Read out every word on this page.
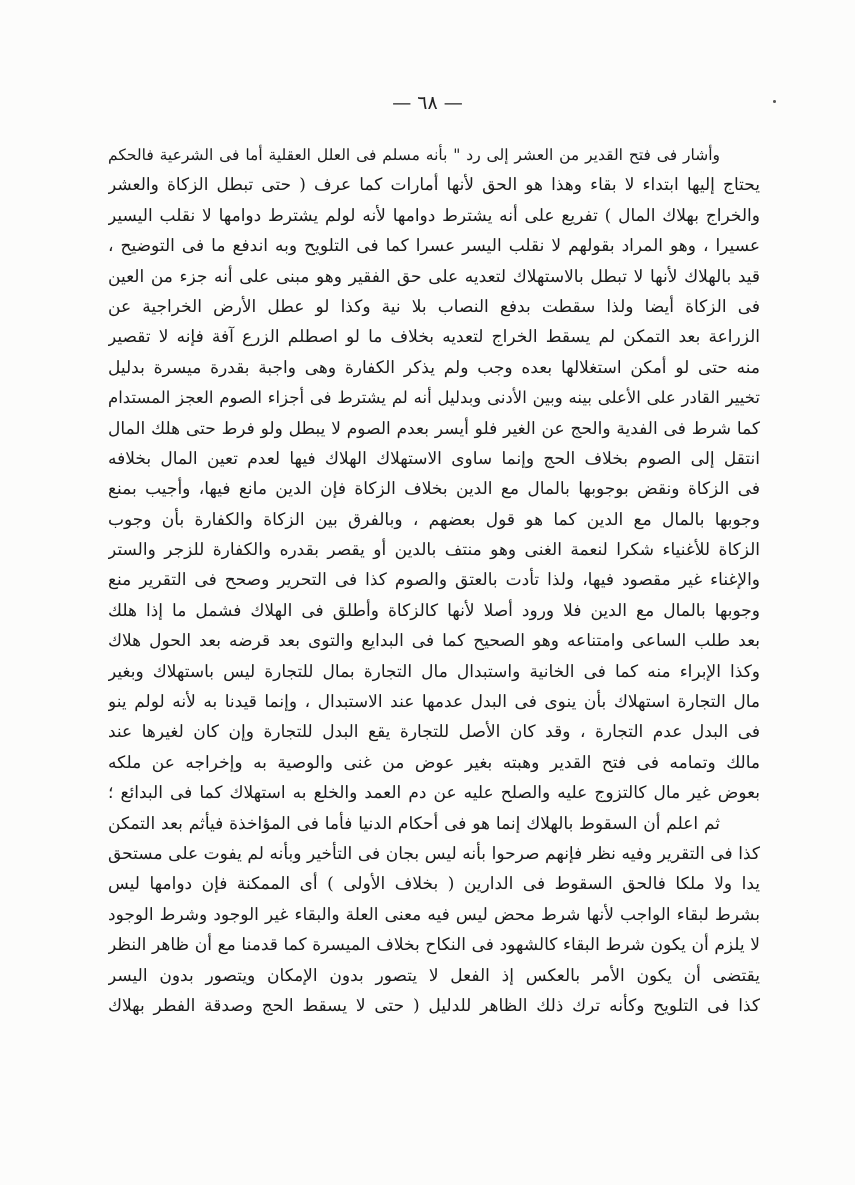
— ٦٨ —
وأشار فى فتح القدير من العشر إلى رد " بأنه مسلم فى العلل العقلية أما فى الشرعية فالحكم
يحتاج إليها ابتداء لا بقاء وهذا هو الحق لأنها أمارات كما عرف ( حتى تبطل الزكاة والعشر
والخراج بهلاك المال ) تفريع على أنه يشترط دوامها لأنه لولم يشترط دوامها لا نقلب اليسير
عسيرا ، وهو المراد بقولهم لا نقلب اليسر عسرا كما فى التلويح وبه اندفع ما فى التوضيح ،
قيد بالهلاك لأنها لا تبطل بالاستهلاك لتعديه على حق الفقير وهو مبنى على أنه جزء من العين
فى الزكاة أيضا ولذا سقطت بدفع النصاب بلا نية وكذا لو عطل الأرض الخراجية عن
الزراعة بعد التمكن لم يسقط الخراج لتعديه بخلاف ما لو اصطلم الزرع آفة فإنه لا تقصير
منه حتى لو أمكن استغلالها بعده وجب ولم يذكر الكفارة وهى واجبة بقدرة ميسرة بدليل
تخيير القادر على الأعلى بينه وبين الأدنى وبدليل أنه لم يشترط فى أجزاء الصوم العجز المستدام
كما شرط فى الفدية والحج عن الغير فلو أيسر بعدم الصوم لا يبطل ولو فرط حتى هلك المال
انتقل إلى الصوم بخلاف الحج وإنما ساوى الاستهلاك الهلاك فيها لعدم تعين المال بخلافه
فى الزكاة ونقض بوجوبها بالمال مع الدين بخلاف الزكاة فإن الدين مانع فيها، وأجيب بمنع
وجوبها بالمال مع الدين كما هو قول بعضهم ، وبالفرق بين الزكاة والكفارة بأن وجوب
الزكاة للأغنياء شكرا لنعمة الغنى وهو منتف بالدين أو يقصر بقدره والكفارة للزجر والستر
والإغناء غير مقصود فيها، ولذا تأدت بالعتق والصوم كذا فى التحرير وصحح فى التقرير منع
وجوبها بالمال مع الدين فلا ورود أصلا لأنها كالزكاة وأطلق فى الهلاك فشمل ما إذا هلك
بعد طلب الساعى وامتناعه وهو الصحيح كما فى البدايع والتوى بعد قرضه بعد الحول هلاك
وكذا الإبراء منه كما فى الخانية واستبدال مال التجارة بمال للتجارة ليس باستهلاك وبغير
مال التجارة استهلاك بأن ينوى فى البدل عدمها عند الاستبدال ، وإنما قيدنا به لأنه لولم ينو
فى البدل عدم التجارة ، وقد كان الأصل للتجارة يقع البدل للتجارة وإن كان لغيرها عند
مالك وتمامه فى فتح القدير وهبته بغير عوض من غنى والوصية به وإخراجه عن ملكه
بعوض غير مال كالتزوج عليه والصلح عليه عن دم العمد والخلع به استهلاك كما فى البدائع ؛
ثم اعلم أن السقوط بالهلاك إنما هو فى أحكام الدنيا فأما فى المؤاخذة فيأثم بعد التمكن
كذا فى التقرير وفيه نظر فإنهم صرحوا بأنه ليس بجان فى التأخير وبأنه لم يفوت على مستحق
يدا ولا ملكا فالحق السقوط فى الدارين ( بخلاف الأولى ) أى الممكنة فإن دوامها ليس
بشرط لبقاء الواجب لأنها شرط محض ليس فيه معنى العلة والبقاء غير الوجود وشرط الوجود
لا يلزم أن يكون شرط البقاء كالشهود فى النكاح بخلاف الميسرة كما قدمنا مع أن ظاهر النظر
يقتضى أن يكون الأمر بالعكس إذ الفعل لا يتصور بدون الإمكان ويتصور بدون اليسر
كذا فى التلويح وكأنه ترك ذلك الظاهر للدليل ( حتى لا يسقط الحج وصدقة الفطر بهلاك
